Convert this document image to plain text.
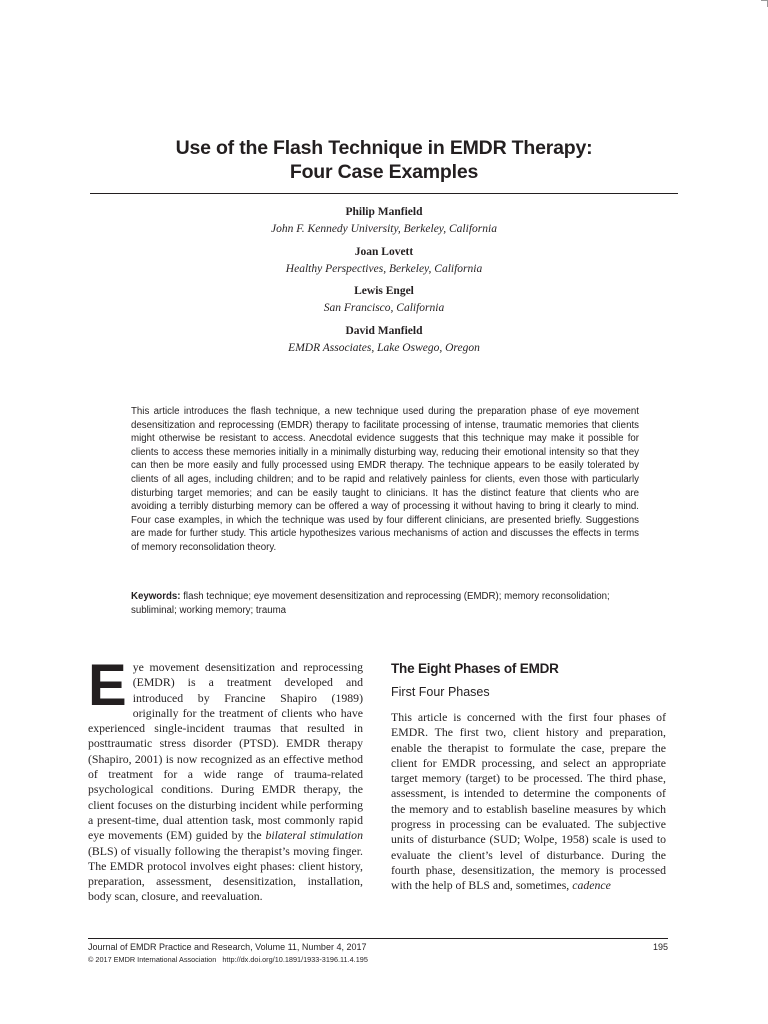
Use of the Flash Technique in EMDR Therapy:
Four Case Examples
Philip Manfield
John F. Kennedy University, Berkeley, California
Joan Lovett
Healthy Perspectives, Berkeley, California
Lewis Engel
San Francisco, California
David Manfield
EMDR Associates, Lake Oswego, Oregon

This article introduces the flash technique, a new technique used during the preparation phase of eye movement desensitization and reprocessing (EMDR) therapy to facilitate processing of intense, traumatic memories that clients might otherwise be resistant to access. Anecdotal evidence suggests that this technique may make it possible for clients to access these memories initially in a minimally disturbing way, reducing their emotional intensity so that they can then be more easily and fully processed using EMDR therapy. The technique appears to be easily tolerated by clients of all ages, including children; and to be rapid and relatively painless for clients, even those with particularly disturbing target memories; and can be easily taught to clinicians. It has the distinct feature that clients who are avoiding a terribly disturbing memory can be offered a way of processing it without having to bring it clearly to mind. Four case examples, in which the technique was used by four different clinicians, are presented briefly. Suggestions are made for further study. This article hypothesizes various mechanisms of action and discusses the effects in terms of memory reconsolidation theory.

Keywords: flash technique; eye movement desensitization and reprocessing (EMDR); memory reconsolidation; subliminal; working memory; trauma

Eye movement desensitization and reprocessing (EMDR) is a treatment developed and introduced by Francine Shapiro (1989) originally for the treatment of clients who have experienced single-incident traumas that resulted in posttraumatic stress disorder (PTSD). EMDR therapy (Shapiro, 2001) is now recognized as an effective method of treatment for a wide range of trauma-related psychological conditions. During EMDR therapy, the client focuses on the disturbing incident while performing a present-time, dual attention task, most commonly rapid eye movements (EM) guided by the bilateral stimulation (BLS) of visually following the therapist’s moving finger. The EMDR protocol involves eight phases: client history, preparation, assessment, desensitization, installation, body scan, closure, and reevaluation.

The Eight Phases of EMDR
First Four Phases

This article is concerned with the first four phases of EMDR. The first two, client history and preparation, enable the therapist to formulate the case, prepare the client for EMDR processing, and select an appropriate target memory (target) to be processed. The third phase, assessment, is intended to determine the components of the memory and to establish baseline measures by which progress in processing can be evaluated. The subjective units of disturbance (SUD; Wolpe, 1958) scale is used to evaluate the client’s level of disturbance. During the fourth phase, desensitization, the memory is processed with the help of BLS and, sometimes, cadence

Journal of EMDR Practice and Research, Volume 11, Number 4, 2017	195
© 2017 EMDR International Association http://dx.doi.org/10.1891/1933-3196.11.4.195
